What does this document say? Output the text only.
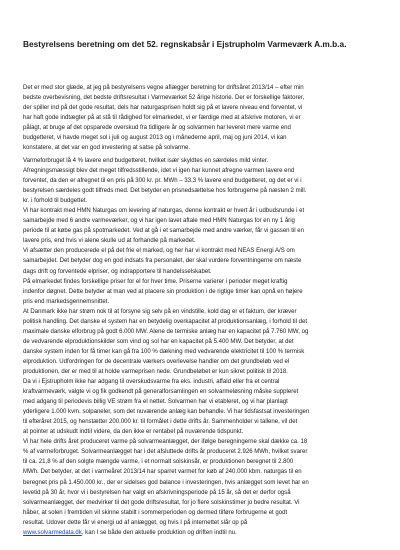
Bestyrelsens beretning om det 52. regnskabsår i Ejstrupholm Varmeværk A.m.b.a.
Det er med stor glæde, at jeg på bestyrelsens vegne aflægger beretning for driftsåret 2013/14 – efter min
bedste overbevisning, det bedste driftsresultat i Varmeværket 52 årige historie. Der er forskellige faktorer,
der spiller ind på det gode resultat, dels har naturgasprisen holdt sig på et lavere niveau end forventet, vi
har haft gode indtægter på at stå til rådighed for elmarkedet, vi er færdige med at afskrive motoren, vi er
pålagt, at bruge af det opsparede overskud fra tidligere år og solvarmen har leveret mere varme end
budgetteret, vi havde meget sol i juli og august 2013 og i månederne april, maj og juni 2014, vi kan
konstatere, at det var en god investering at satse på solvarme.
Varmeforbruget lå 4 % lavere end budgetteret, hvilket især skyldtes en særdeles mild vinter.
Afregningsmæssigt blev det meget tilfredsstillende, idet vi igen har kunnet afregne varmen lavere end
forventet, da den er afregnet til en pris på 300 kr. pr. MWh – 33,3 % lavere end budgetteret, og det er vi i
bestyrelsen særdeles godt tilfreds med. Det betyder en prisnedsættelse hos forbrugerne på næsten 2 mill.
kr. i forhold til budgettet.
Vi har kontrakt med HMN Naturgas om levering af naturgas, denne kontrakt er hvert år i udbudsrunde i et
samarbejde med 6 andre varmeværker, og vi har igen lavet aftale med HMN Naturgas for en ny 1 årig
periode til at købe gas på spotmarkedet. Ved at gå i et samarbejde med andre værker, får vi gassen til en
lavere pris, end hvis vi alene skulle ud at forhandle på markedet.
Vi afsætter den producerede el på det frie el marked, og her har vi kontrakt med NEAS Energi A/S om
samarbejdet. Det betyder dog en god indsats fra personalet, der skal vurdere forventningerne om næste
dags drift og forventede elpriser, og indrapportere til handelsselskabet.
På elmarkedet findes forskellige priser for el for hver time. Priserne varierer i perioder meget kraftig
indenfor døgnet. Dette betyder at man ved at placere sin produktion i de rigtige timer kan opnå en højere
pris end markedsgennemsnittet.
At Danmark ikke har strøm nok til at forsyne sig selv på en vindstille, kold dag er et faktum, der kræver
politisk handling. Det danske el system har en betydelig overkapacitet af produktionsanlæg, i forhold til det
maximale danske elforbrug på godt 6.000 MW. Alene de termiske anlæg har en kapacitet på 7.760 MW, og
de vedvarende elproduktionskilder som vind og sol har en kapacitet på 5.400 MW. Det betyder, at det
danske system inden for få timer kan gå fra 100 % dækning med vedvarende elektricitet til 100 % termisk
elproduktion. Udfordringen for de decentrale værkers overlevelse handler om det grundbeløb ved el
produktionen, der er med til at holde varmeprisen nede. Grundbeløbet er kun sikret politisk til 2018.
Da vi i Ejstrupholm ikke har adgang til overskudsvarme fra eks. industri, affald eller fra et central
kraftvarmeværk, valgte vi og fik godkendt på generalforsamlingen en solvarmeløsning måske suppleret
med adgang til periodevis billig VE strøm fra el nettet. Solvarmen har vi etableret, og vi har planlagt
yderligere 1.000 kvm. solpaneler, som det nuværende anlæg kan behandle. Vi har tidsfastsat investeringen
til efteråret 2015, og henstætter 200.000 kr. til formålet i dette drifts år. Sammenholder vi tallene, vil det
at pointer at udskudt indtil videre, da den ikke er rentabel på nuværende tidspunkt.
Vi har hele drifts året produceret varme på solvarmeanlægget, der ifølge beregningerne skal dække ca. 18
% af varmeforbruget. Solvarmeanlægget har i det afsluttede drifts år produceret 2.926 MWh, hvilket svarer
til ca. 21,8 % af den solgte mængde varme, i et normalt solskinsår, er produktionen beregnet til 2.800
MWh. Det betyder, at det i varmeåret 2013/14 har sparret varmet for køb af 240.000 kbm. naturgas til en
beregnet pris på 1.450.000 kr., der er sidelses god balance i investeringen, hvis anlægget som levet har en
levetid på 30 år, hvor vi i bestyrelsen har valgt en afskrivningsperiode på 15 år, så det er derfor også
solvarmeanlægget, der medvirker til det gode driftsresultat, for jo flere solskinstimer jo bedre resultat. Vi
håber, at solen i fremtiden vil skinne stabilt i sommerperioden og dermed tilføre forbrugerne et godt
resultat. Udover dette får vi energi ud af anlægget, og hvis I på internettet slår op på
www.solvarmedata.dk, kan I se både den aktuelle produktion og driften indtil nu.
